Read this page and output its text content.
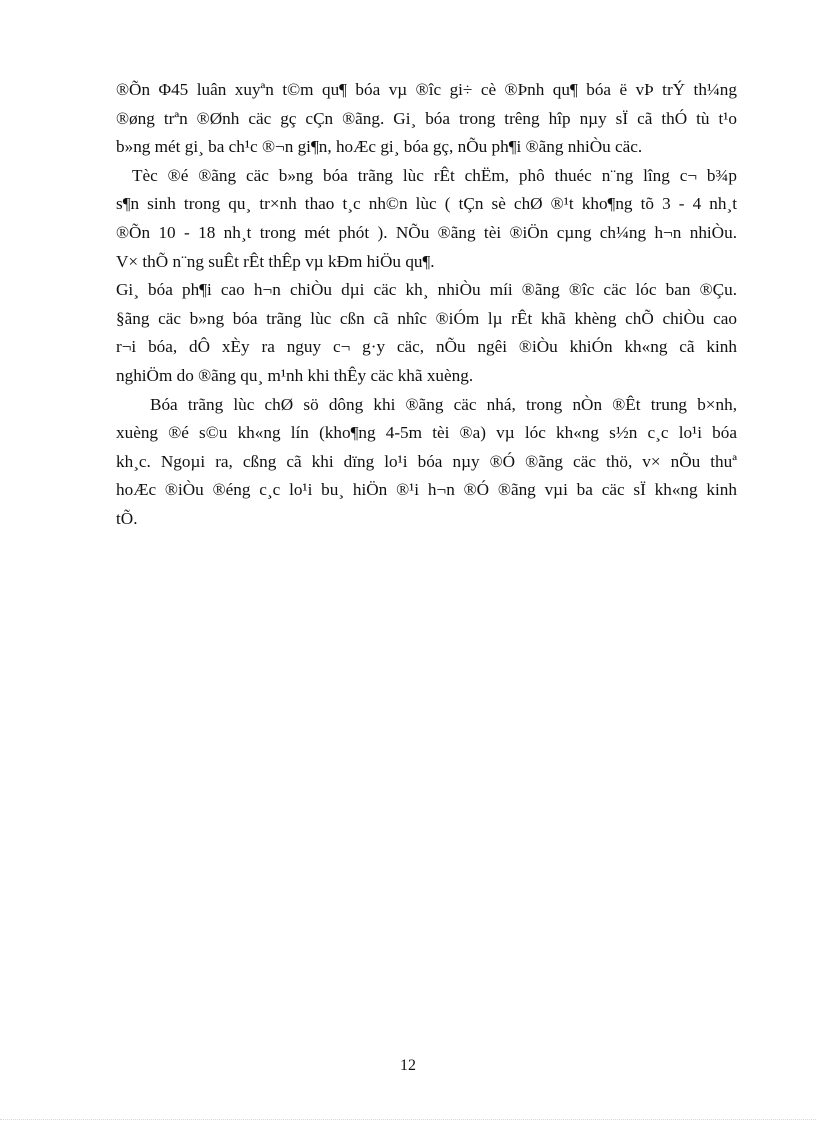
®Õn Φ45 luân xuyªn t©m qu¶ bóa vµ ®îc gi÷ cè ®Þnh qu¶ bóa ë vÞ trÝ th¼ng
®øng trªn ®Ønh cäc gç cÇn ®ãng. Gi¸ bóa trong trêng hîp nµy sÏ cã thÓ tù t¹o
b»ng mét gi¸ ba ch¹c ®¬n gi¶n, hoÆc gi¸ bóa gç, nÕu ph¶i ®ãng nhiÒu cäc.
Tèc ®é ®ãng cäc b»ng bóa trãng lùc rÊt chËm, phô thuéc n¨ng lîng c¬ b¾p
s¶n sinh trong qu¸ tr×nh thao t¸c nh©n lùc ( tÇn sè chØ ®¹t kho¶ng tõ 3 - 4 nh¸t
®Õn 10 - 18 nh¸t trong mét phót ). NÕu ®ãng tèi ®iÖn cµng ch¼ng h¬n nhiÒu.
V× thÕ n¨ng suÊt rÊt thÊp vµ kÐm hiÖu qu¶.
Gi¸ bóa ph¶i cao h¬n chiÒu dµi cäc kh¸ nhiÒu míi ®ãng ®îc cäc lóc ban ®Çu.
§ãng cäc b»ng bóa trãng lùc cßn cã nhîc ®iÓm lµ rÊt khã khèng chÕ chiÒu cao
r¬i bóa, dÔ xÈy ra nguy c¬ g·y cäc, nÕu ngêi ®iÒu khiÓn kh«ng cã kinh
nghiÖm do ®ãng qu¸ m¹nh khi thÊy cäc khã xuèng.
Bóa trãng lùc chØ sö dông khi ®ãng cäc nhá, trong nÒn ®Êt trung b×nh,
xuèng ®é s©u kh«ng lín (kho¶ng 4-5m tèi ®a) vµ lóc kh«ng s½n c¸c lo¹i bóa
kh¸c. Ngoµi ra, cßng cã khi dïng lo¹i bóa nµy ®Ó ®ãng cäc thö, v× nÕu thuª
hoÆc ®iÒu ®éng c¸c lo¹i bu¸ hiÖn ®¹i h¬n ®Ó ®ãng vµi ba cäc sÏ kh«ng kinh
tÕ.
12
